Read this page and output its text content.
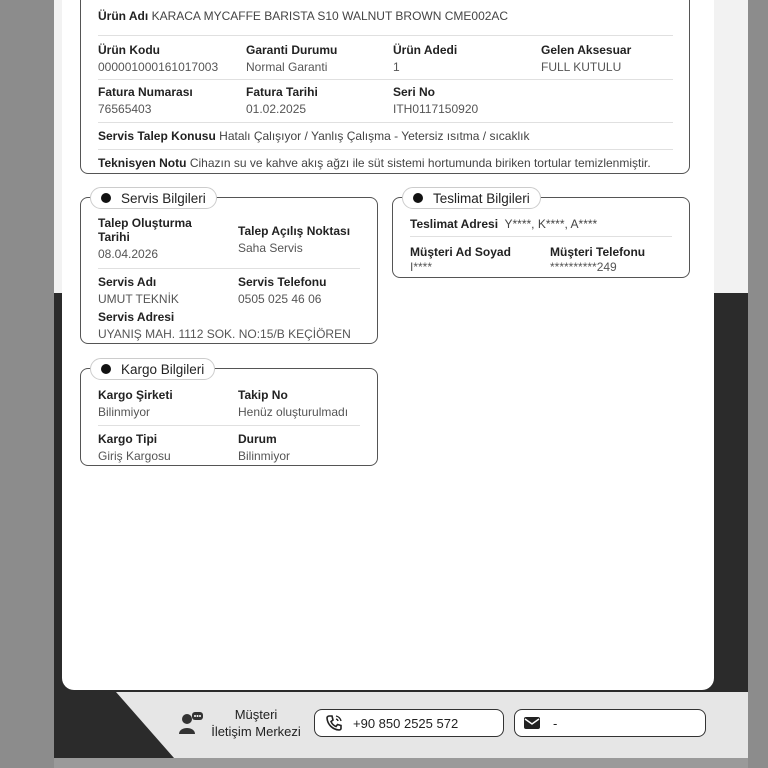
Ürün Adı KARACA MYCAFFE BARISTA S10 WALNUT BROWN CME002AC
Ürün Kodu
000001000161017003
Garanti Durumu
Normal Garanti
Ürün Adedi
1
Gelen Aksesuar
FULL KUTULU
Fatura Numarası
76565403
Fatura Tarihi
01.02.2025
Seri No
ITH0117150920
Servis Talep Konusu Hatalı Çalışıyor / Yanlış Çalışma - Yetersiz ısıtma / sıcaklık
Teknisyen Notu Cihazın su ve kahve akış ağzı ile süt sistemi hortumunda biriken tortular temizlenmiştir.
Talep Oluşturma Tarihi
08.04.2026
Talep Açılış Noktası
Saha Servis
Servis Adı
UMUT TEKNİK
Servis Telefonu
0505 025 46 06
Servis Adresi
UYANIŞ MAH. 1112 SOK. NO:15/B KEÇİÖREN
Servis Bilgileri
Teslimat Adresi Y****, K****, A****
Müşteri Ad Soyad
I****
Müşteri Telefonu
**********249
Teslimat Bilgileri
Kargo Şirketi
Bilinmiyor
Takip No
Henüz oluşturulmadı
Kargo Tipi
Giriş Kargosu
Durum
Bilinmiyor
Kargo Bilgileri
Müşteri
İletişim Merkezi
+90 850 2525 572	-
